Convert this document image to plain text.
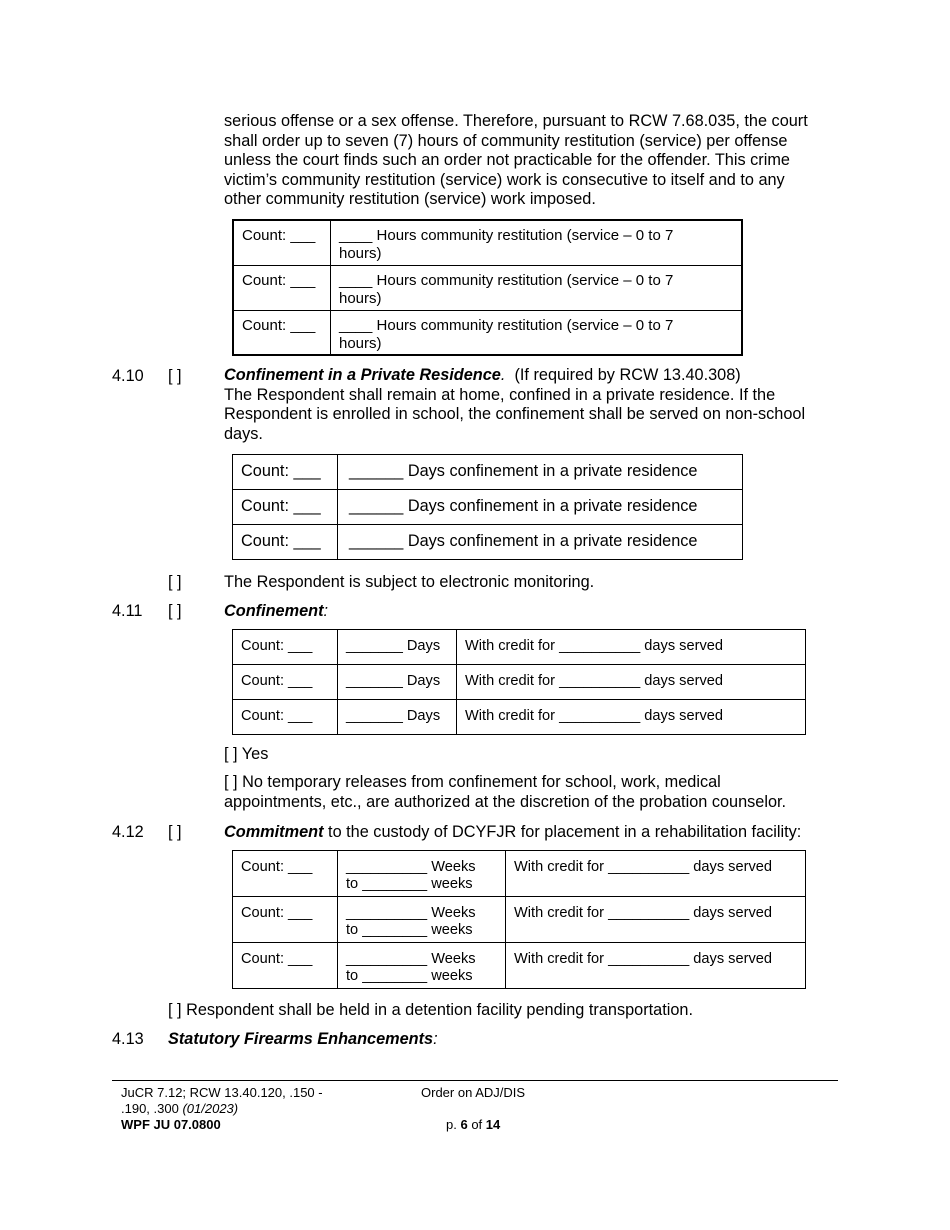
serious offense or a sex offense. Therefore, pursuant to RCW 7.68.035, the court
shall order up to seven (7) hours of community restitution (service) per offense
unless the court finds such an order not practicable for the offender. This crime
victim’s community restitution (service) work is consecutive to itself and to any
other community restitution (service) work imposed.
Count: ___	____ Hours community restitution (service – 0 to 7
hours)

Count: ___	____ Hours community restitution (service – 0 to 7
hours)

Count: ___	____ Hours community restitution (service – 0 to 7
hours)
4.10 [ ]	Confinement in a Private Residence. (If required by RCW 13.40.308)
The Respondent shall remain at home, confined in a private residence. If the
Respondent is enrolled in school, the confinement shall be served on non-school
days.
Count: ___	______ Days confinement in a private residence

Count: ___	______ Days confinement in a private residence

Count: ___	______ Days confinement in a private residence
[ ]	The Respondent is subject to electronic monitoring.
4.11 [ ]	Confinement:
Count: ___	_______ Days	With credit for __________ days served

Count: ___	_______ Days	With credit for __________ days served

Count: ___	_______ Days	With credit for __________ days served
[ ] Yes
[ ] No temporary releases from confinement for school, work, medical
appointments, etc., are authorized at the discretion of the probation counselor.
4.12 [ ]	Commitment to the custody of DCYFJR for placement in a rehabilitation facility:
Count: ___	__________ Weeks
to ________ weeks	With credit for __________ days served

Count: ___	__________ Weeks
to ________ weeks	With credit for __________ days served

Count: ___	__________ Weeks
to ________ weeks	With credit for __________ days served
[ ] Respondent shall be held in a detention facility pending transportation.
4.13 Statutory Firearms Enhancements:
JuCR 7.12; RCW 13.40.120, .150 -
.190, .300 (01/2023)
WPF JU 07.0800
Order on ADJ/DIS
p. 6 of 14
